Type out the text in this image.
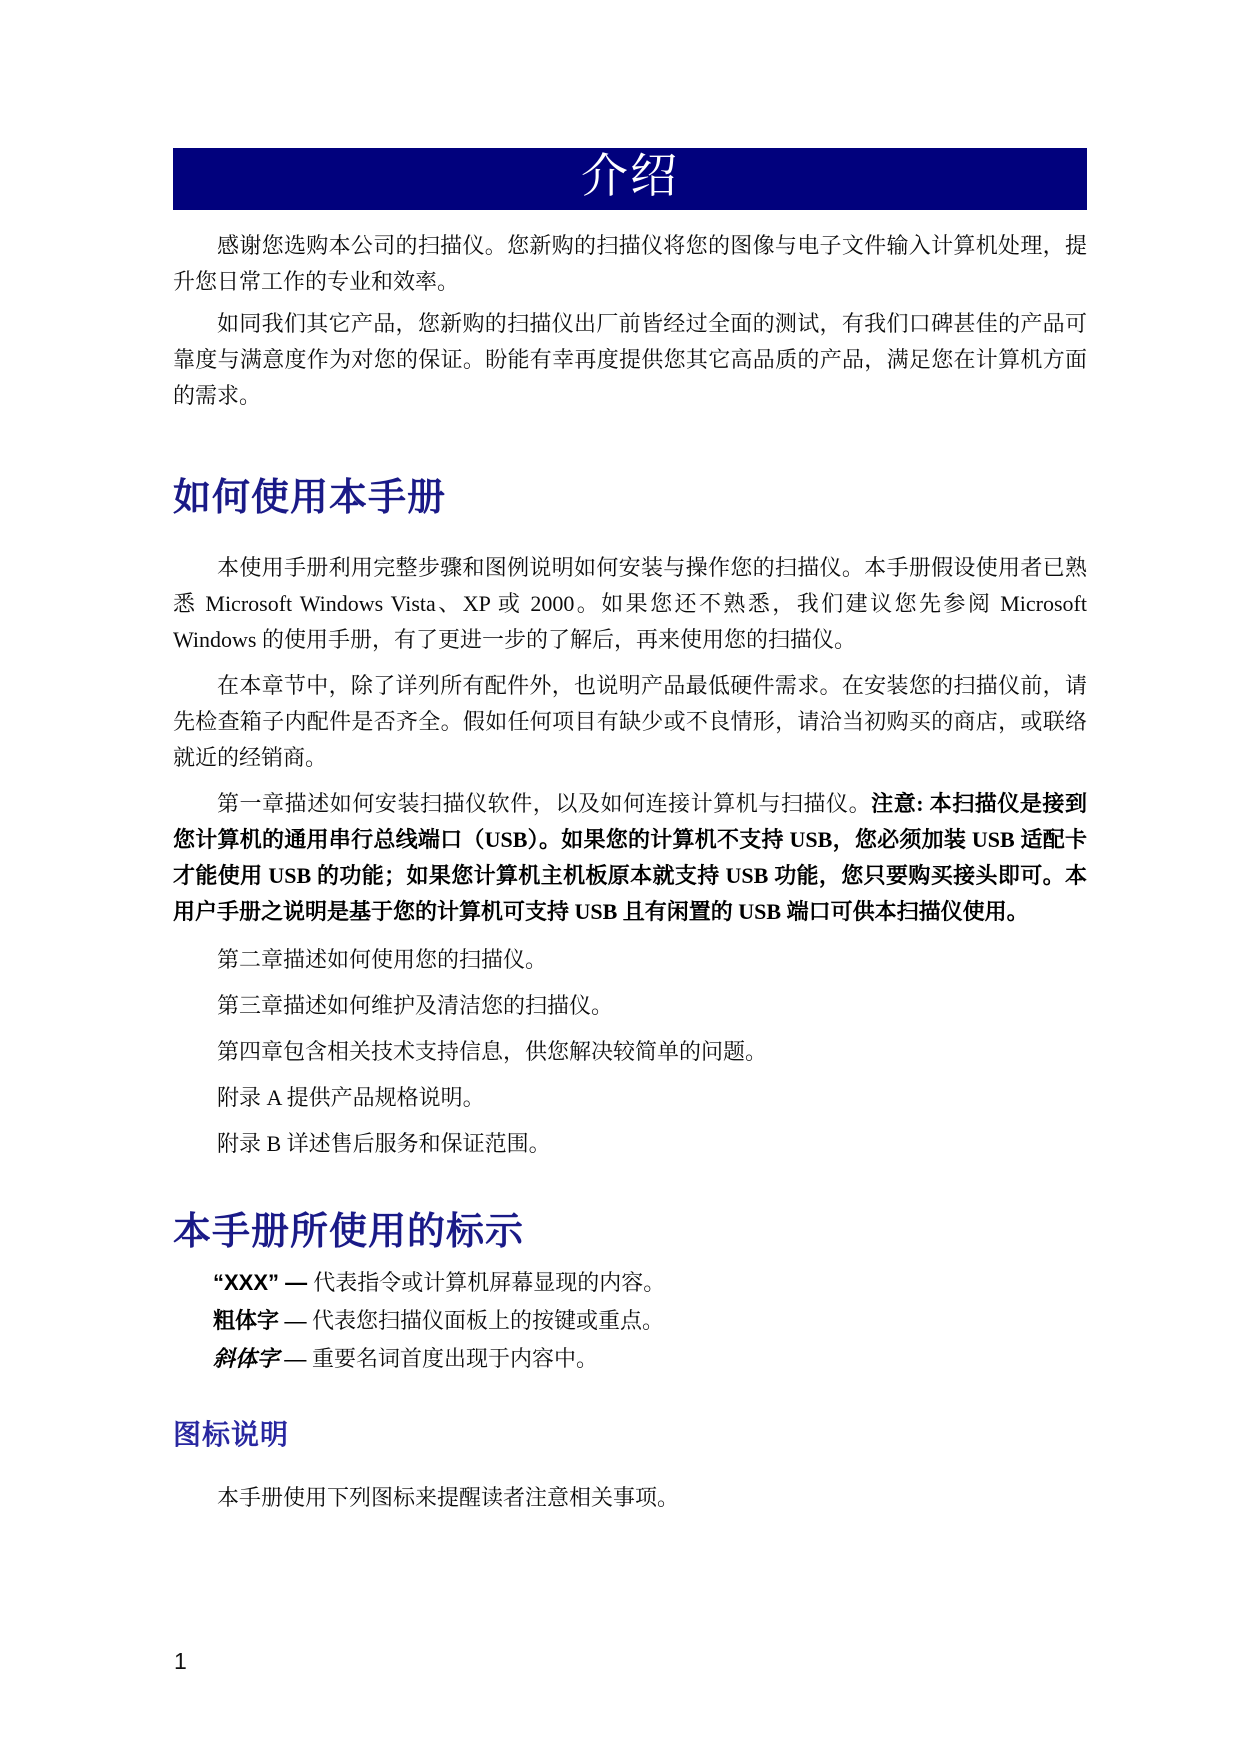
介绍

感谢您选购本公司的扫描仪。您新购的扫描仪将您的图像与电子文件输入计算机处理，提升您日常工作的专业和效率。

如同我们其它产品，您新购的扫描仪出厂前皆经过全面的测试，有我们口碑甚佳的产品可靠度与满意度作为对您的保证。盼能有幸再度提供您其它高品质的产品，满足您在计算机方面的需求。

如何使用本手册

本使用手册利用完整步骤和图例说明如何安装与操作您的扫描仪。本手册假设使用者已熟悉 Microsoft Windows Vista、XP 或 2000。如果您还不熟悉，我们建议您先参阅 Microsoft Windows 的使用手册，有了更进一步的了解后，再来使用您的扫描仪。

在本章节中，除了详列所有配件外，也说明产品最低硬件需求。在安装您的扫描仪前，请先检查箱子内配件是否齐全。假如任何项目有缺少或不良情形，请洽当初购买的商店，或联络就近的经销商。

第一章描述如何安装扫描仪软件，以及如何连接计算机与扫描仪。注意: 本扫描仪是接到您计算机的通用串行总线端口（USB）。如果您的计算机不支持 USB，您必须加装 USB 适配卡才能使用 USB 的功能；如果您计算机主机板原本就支持 USB 功能，您只要购买接头即可。本用户手册之说明是基于您的计算机可支持 USB 且有闲置的 USB 端口可供本扫描仪使用。

第二章描述如何使用您的扫描仪。

第三章描述如何维护及清洁您的扫描仪。

第四章包含相关技术支持信息，供您解决较简单的问题。

附录 A 提供产品规格说明。

附录 B 详述售后服务和保证范围。

本手册所使用的标示
“XXX” — 代表指令或计算机屏幕显现的内容。
粗体字 — 代表您扫描仪面板上的按键或重点。
斜体字 — 重要名词首度出现于内容中。
图标说明

本手册使用下列图标来提醒读者注意相关事项。

1
